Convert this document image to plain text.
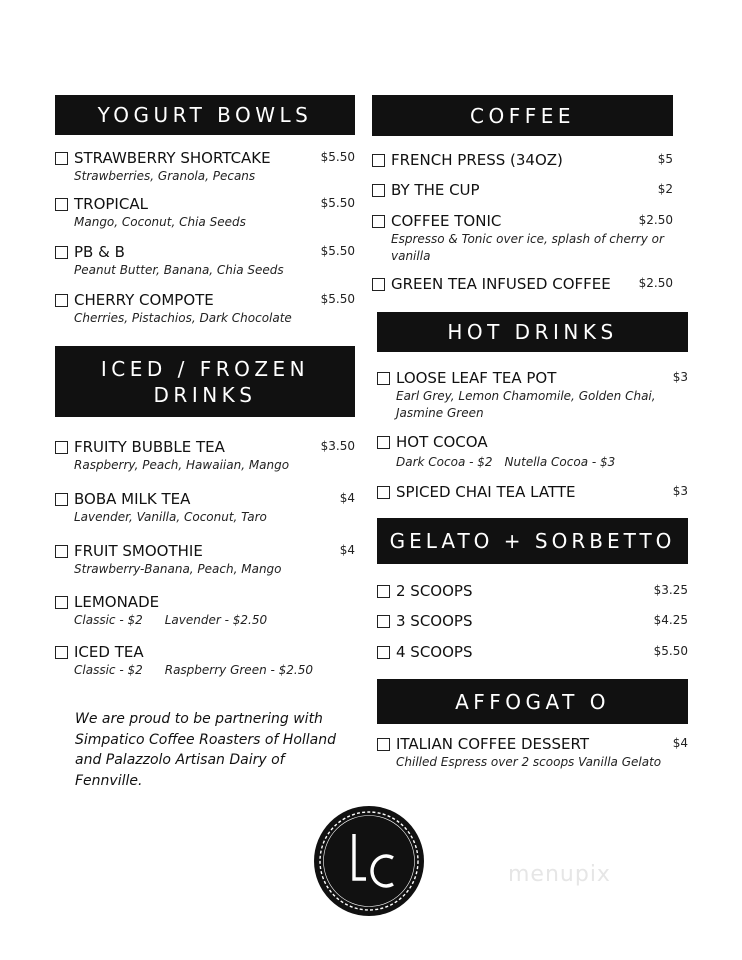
YOGURT BOWLS
STRAWBERRY SHORTCAKE	$5.50
Strawberries, Granola, Pecans
TROPICAL	$5.50
Mango, Coconut, Chia Seeds
PB & B	$5.50
Peanut Butter, Banana, Chia Seeds
CHERRY COMPOTE	$5.50
Cherries, Pistachios, Dark Chocolate
ICED / FROZEN
DRINKS
FRUITY BUBBLE TEA	$3.50
Raspberry, Peach, Hawaiian, Mango
BOBA MILK TEA	$4
Lavender, Vanilla, Coconut, Taro
FRUIT SMOOTHIE	$4
Strawberry-Banana, Peach, Mango
LEMONADE
Classic - $2 Lavender - $2.50
ICED TEA
Classic - $2 Raspberry Green - $2.50
We are proud to be partnering with Simpatico Coffee Roasters of Holland and Palazzolo Artisan Dairy of Fennville.
COFFEE
FRENCH PRESS (34OZ)	$5
BY THE CUP	$2
COFFEE TONIC	$2.50
Espresso & Tonic over ice, splash of cherry or vanilla
GREEN TEA INFUSED COFFEE $2.50
HOT DRINKS
LOOSE LEAF TEA POT	$3
Earl Grey, Lemon Chamomile, Golden Chai, Jasmine Green
HOT COCOA
Dark Cocoa - $2 Nutella Cocoa - $3
SPICED CHAI TEA LATTE	$3
GELATO + SORBETTO
2 SCOOPS	$3.25
3 SCOOPS	$4.25
4 SCOOPS	$5.50
AFFOGAT O
ITALIAN COFFEE DESSERT	$4
Chilled Espress over 2 scoops Vanilla Gelato
menupix
